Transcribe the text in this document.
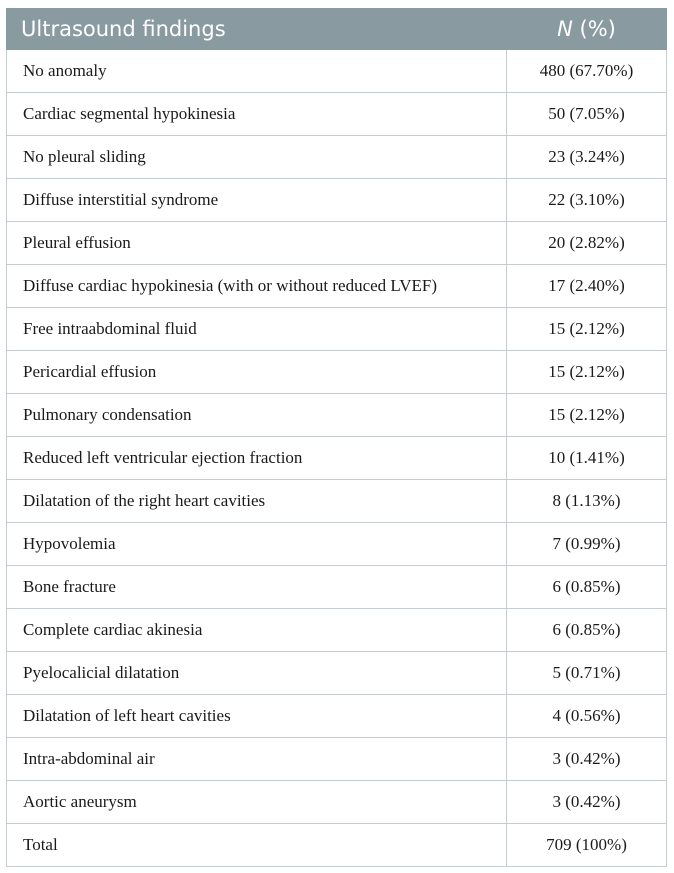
Ultrasound findings	N (%)
No anomaly	480 (67.70%)
Cardiac segmental hypokinesia	50 (7.05%)
No pleural sliding	23 (3.24%)
Diffuse interstitial syndrome	22 (3.10%)
Pleural effusion	20 (2.82%)
Diffuse cardiac hypokinesia (with or without reduced LVEF)	17 (2.40%)
Free intraabdominal fluid	15 (2.12%)
Pericardial effusion	15 (2.12%)
Pulmonary condensation	15 (2.12%)
Reduced left ventricular ejection fraction	10 (1.41%)
Dilatation of the right heart cavities	8 (1.13%)
Hypovolemia	7 (0.99%)
Bone fracture	6 (0.85%)
Complete cardiac akinesia	6 (0.85%)
Pyelocalicial dilatation	5 (0.71%)
Dilatation of left heart cavities	4 (0.56%)
Intra-abdominal air	3 (0.42%)
Aortic aneurysm	3 (0.42%)
Total	709 (100%)
